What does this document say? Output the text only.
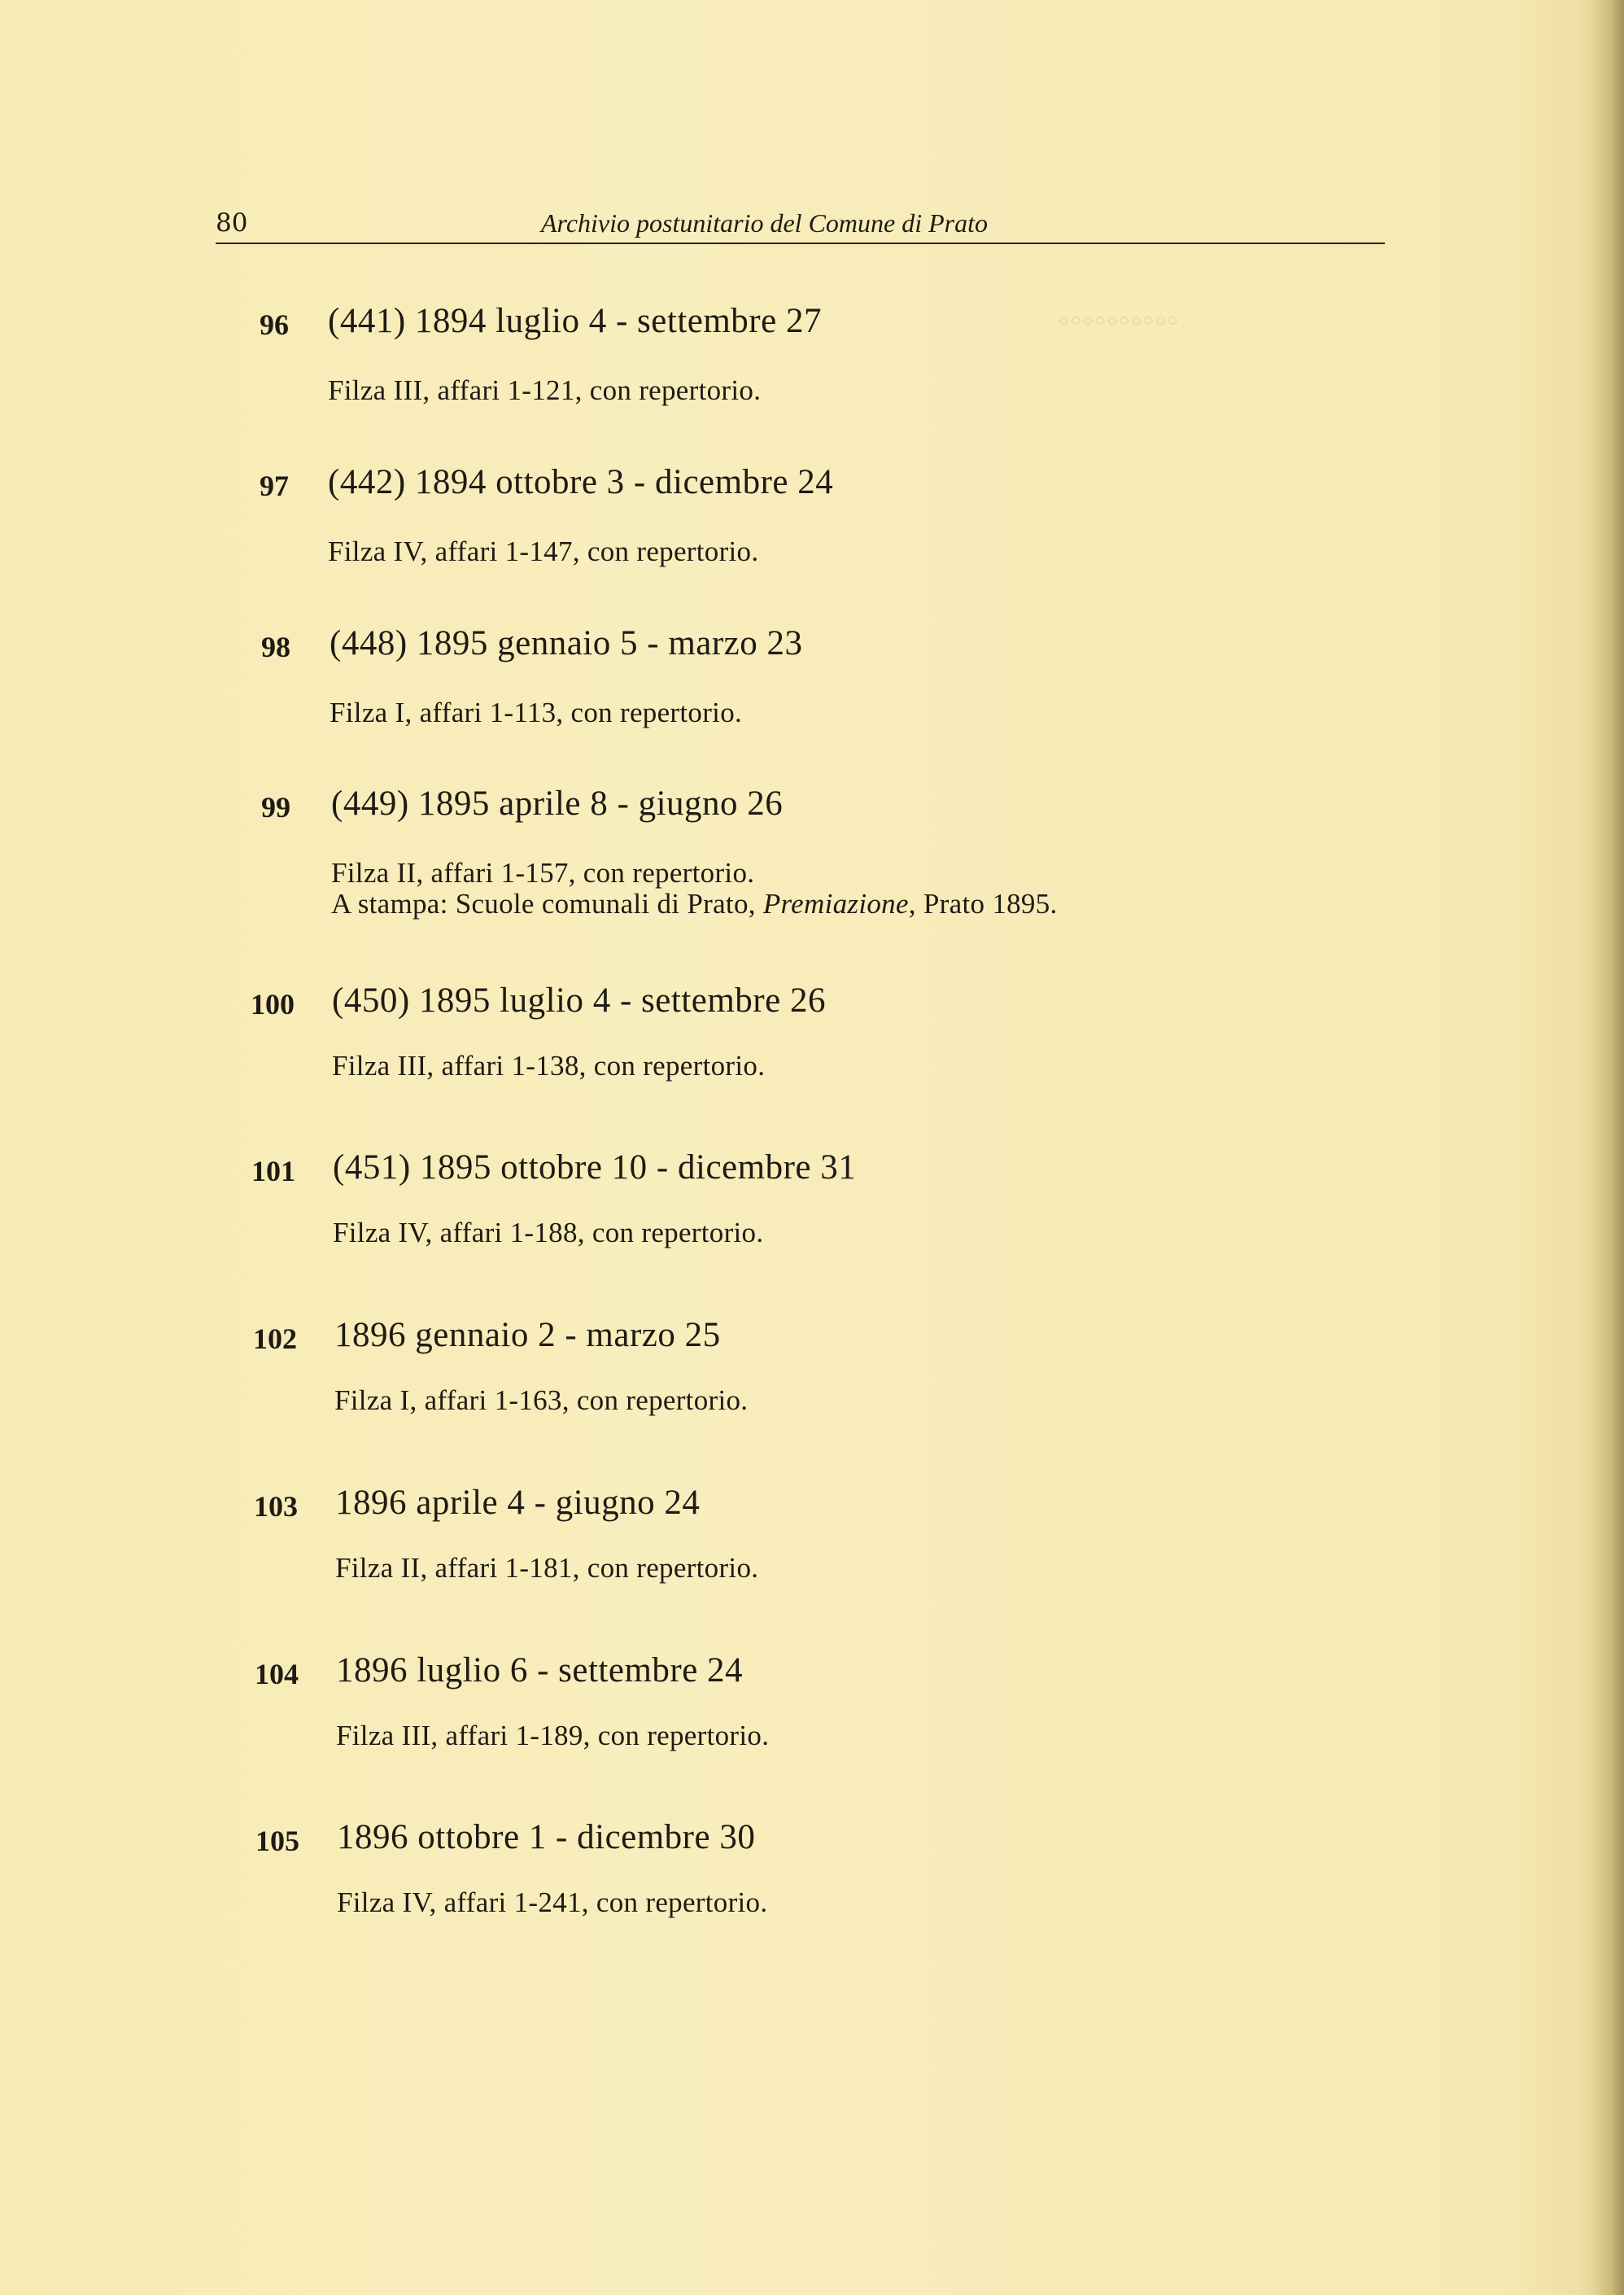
◦◦◦◦◦◦◦◦◦◦
80	Archivio postunitario del Comune di Prato
96 (441) 1894 luglio 4 - settembre 27
Filza III, affari 1-121, con repertorio.
97 (442) 1894 ottobre 3 - dicembre 24
Filza IV, affari 1-147, con repertorio.
98 (448) 1895 gennaio 5 - marzo 23
Filza I, affari 1-113, con repertorio.
99 (449) 1895 aprile 8 - giugno 26
Filza II, affari 1-157, con repertorio.
A stampa: Scuole comunali di Prato, Premiazione, Prato 1895.
100 (450) 1895 luglio 4 - settembre 26
Filza III, affari 1-138, con repertorio.
101 (451) 1895 ottobre 10 - dicembre 31
Filza IV, affari 1-188, con repertorio.
102 1896 gennaio 2 - marzo 25
Filza I, affari 1-163, con repertorio.
103 1896 aprile 4 - giugno 24
Filza II, affari 1-181, con repertorio.
104 1896 luglio 6 - settembre 24
Filza III, affari 1-189, con repertorio.
105 1896 ottobre 1 - dicembre 30
Filza IV, affari 1-241, con repertorio.
